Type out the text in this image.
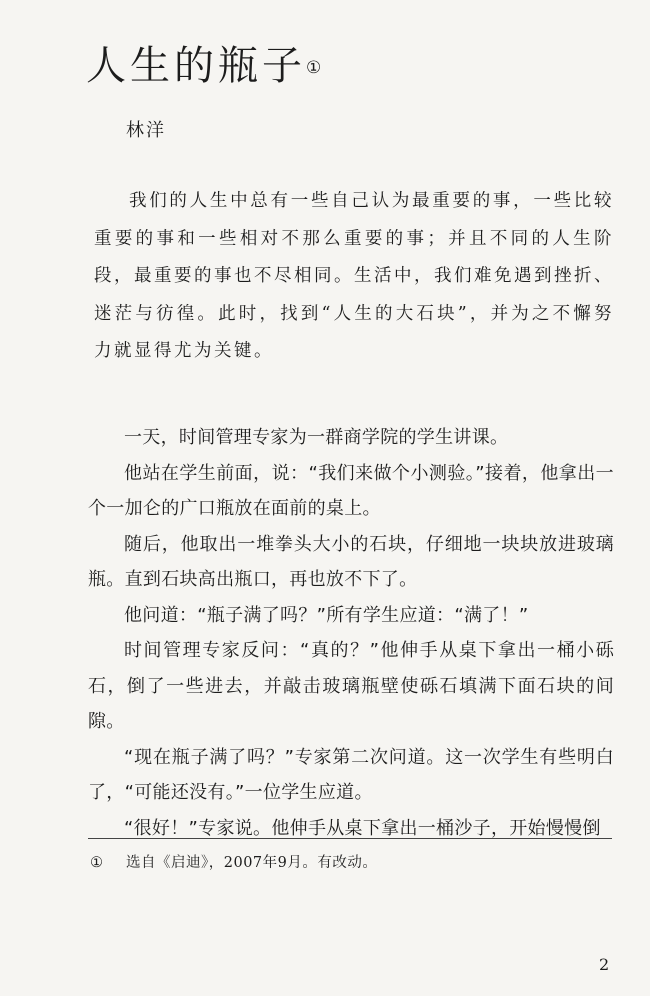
人生的瓶子①
林洋

我们的人生中总有一些自己认为最重要的事，一些比较重要的事和一些相对不那么重要的事；并且不同的人生阶段，最重要的事也不尽相同。生活中，我们难免遇到挫折、迷茫与彷徨。此时，找到“人生的大石块”，并为之不懈努力就显得尤为关键。

一天，时间管理专家为一群商学院的学生讲课。

他站在学生前面，说：“我们来做个小测验。”接着，他拿出一个一加仑的广口瓶放在面前的桌上。

随后，他取出一堆拳头大小的石块，仔细地一块块放进玻璃瓶。直到石块高出瓶口，再也放不下了。

他问道：“瓶子满了吗？”所有学生应道：“满了！”

时间管理专家反问：“真的？”他伸手从桌下拿出一桶小砾石，倒了一些进去，并敲击玻璃瓶壁使砾石填满下面石块的间隙。

“现在瓶子满了吗？”专家第二次问道。这一次学生有些明白了，“可能还没有。”一位学生应道。

“很好！”专家说。他伸手从桌下拿出一桶沙子，开始慢慢倒

① 选自《启迪》，2007年9月。有改动。
2
